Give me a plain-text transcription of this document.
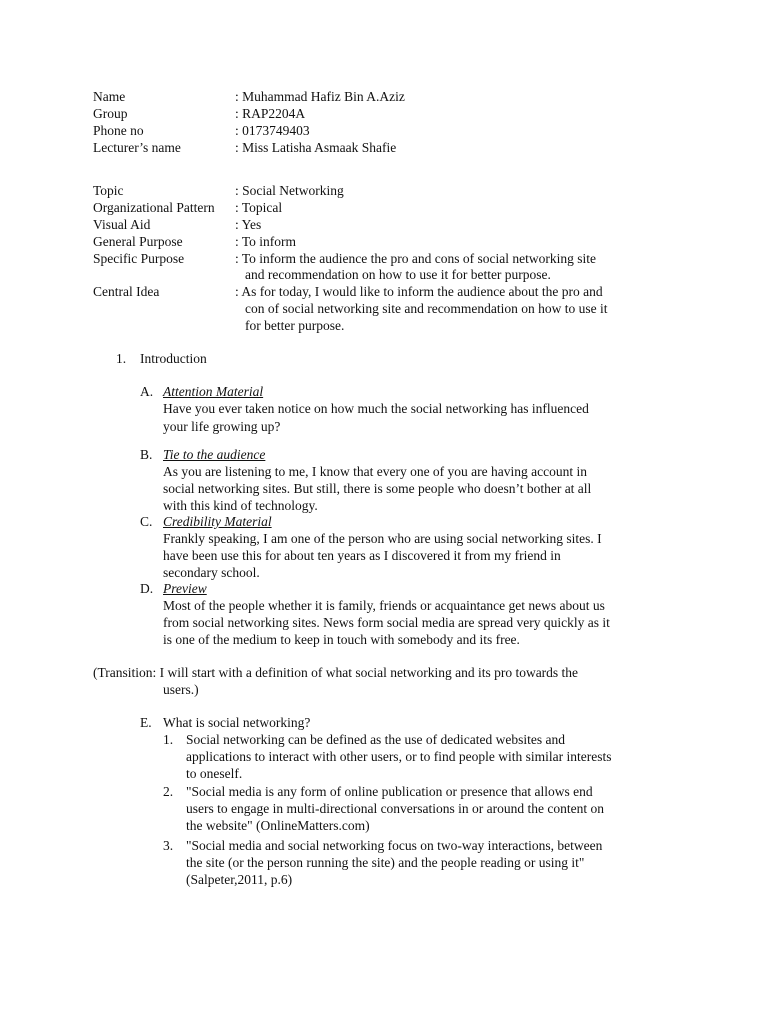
Name	: Muhammad Hafiz Bin A.Aziz
Group	: RAP2204A
Phone no	: 0173749403
Lecturer’s name	: Miss Latisha Asmaak Shafie
Topic	: Social Networking
Organizational Pattern : Topical
Visual Aid	: Yes
General Purpose	: To inform
Specific Purpose	: To inform the audience the pro and cons of social networking site
and recommendation on how to use it for better purpose.
Central Idea	: As for today, I would like to inform the audience about the pro and
con of social networking site and recommendation on how to use it
for better purpose.
1. Introduction
A. Attention Material
Have you ever taken notice on how much the social networking has influenced
your life growing up?
B. Tie to the audience
As you are listening to me, I know that every one of you are having account in
social networking sites. But still, there is some people who doesn’t bother at all
with this kind of technology.
C. Credibility Material
Frankly speaking, I am one of the person who are using social networking sites. I
have been use this for about ten years as I discovered it from my friend in
secondary school.
D. Preview
Most of the people whether it is family, friends or acquaintance get news about us
from social networking sites. News form social media are spread very quickly as it
is one of the medium to keep in touch with somebody and its free.
(Transition: I will start with a definition of what social networking and its pro towards the
users.)
E. What is social networking?
1. Social networking can be defined as the use of dedicated websites and
applications to interact with other users, or to find people with similar interests
to oneself.
2. "Social media is any form of online publication or presence that allows end
users to engage in multi-directional conversations in or around the content on
the website" (OnlineMatters.com)
3. "Social media and social networking focus on two-way interactions, between
the site (or the person running the site) and the people reading or using it"
(Salpeter,2011, p.6)
